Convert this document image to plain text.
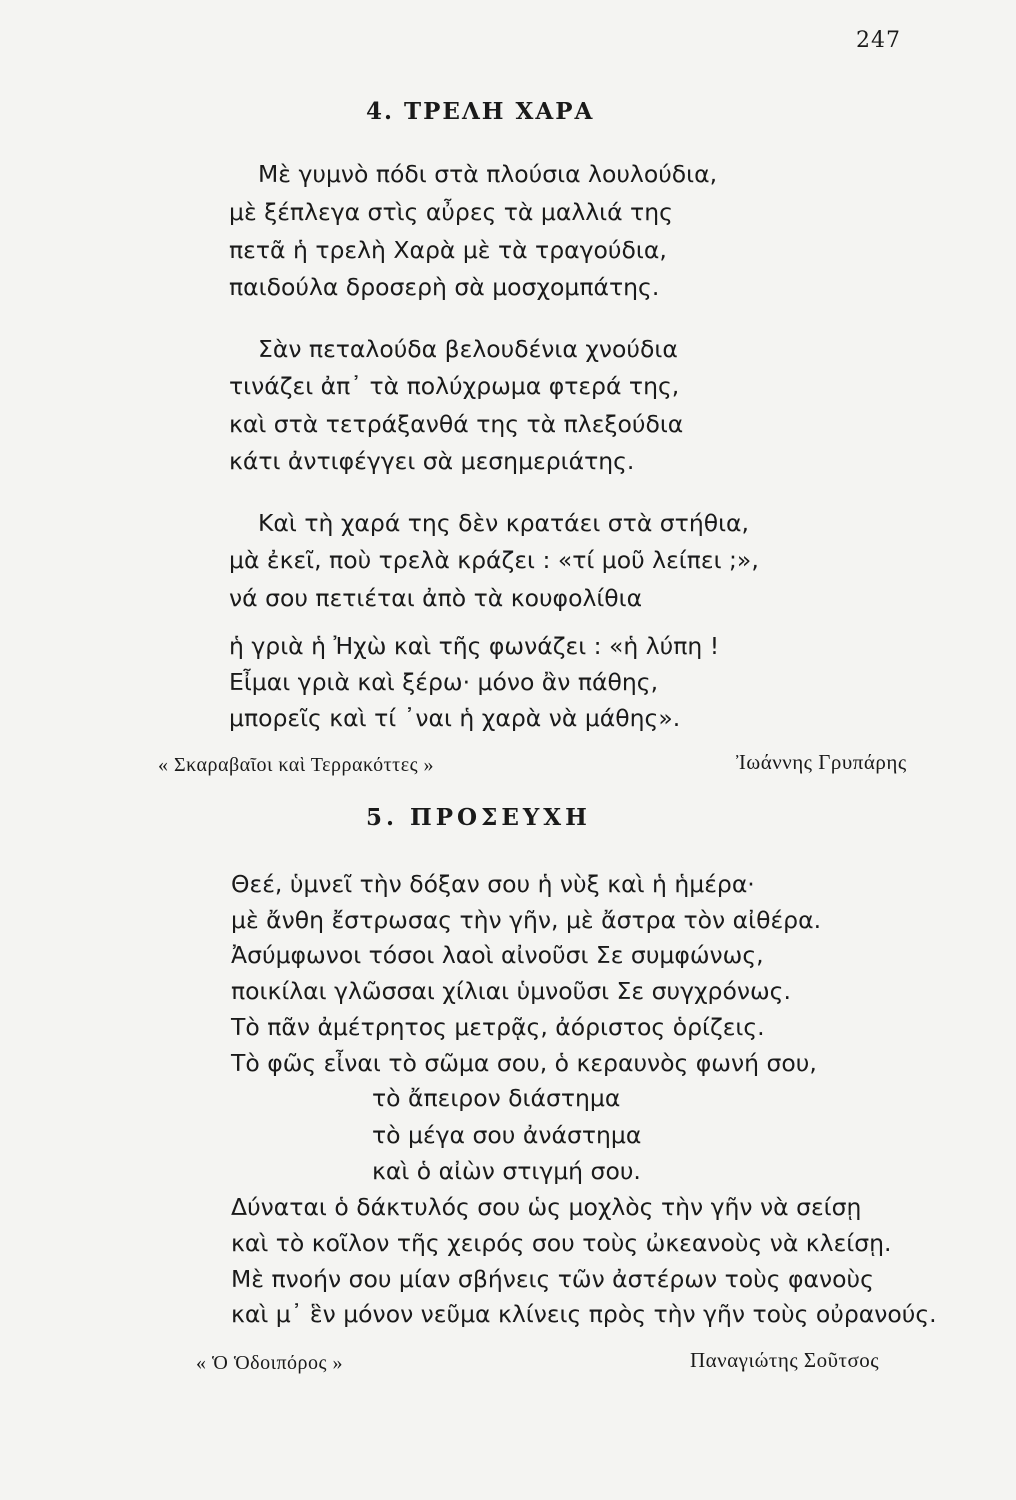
247
4. ΤΡΕΛΗ ΧΑΡΑ
Μὲ γυμνὸ πόδι στὰ πλούσια λουλούδια,
μὲ ξέπλεγα στὶς αὖρες τὰ μαλλιά της
πετᾶ ἡ τρελὴ Χαρὰ μὲ τὰ τραγούδια,
παιδούλα δροσερὴ σὰ μοσχομπάτης.
Σὰν πεταλούδα βελουδένια χνούδια
τινάζει ἀπ᾽ τὰ πολύχρωμα φτερά της,
καὶ στὰ τετράξανθά της τὰ πλεξούδια
κάτι ἀντιφέγγει σὰ μεσημεριάτης.
Καὶ τὴ χαρά της δὲν κρατάει στὰ στήθια,
μὰ ἐκεῖ, ποὺ τρελὰ κράζει : «τί μοῦ λείπει ;»,
νά σου πετιέται ἀπὸ τὰ κουφολίθια
ἡ γριὰ ἡ Ἠχὼ καὶ τῆς φωνάζει : «ἡ λύπη !
Εἶμαι γριὰ καὶ ξέρω· μόνο ἂν πάθης,
μπορεῖς καὶ τί ᾽ναι ἡ χαρὰ νὰ μάθης».
« Σκαραβαῖοι καὶ Τερρακόττες »	Ἰωάννης Γρυπάρης
5. ΠΡΟΣΕΥΧΗ
Θεέ, ὑμνεῖ τὴν δόξαν σου ἡ νὺξ καὶ ἡ ἡμέρα·
μὲ ἄνθη ἔστρωσας τὴν γῆν, μὲ ἄστρα τὸν αἰθέρα.
Ἀσύμφωνοι τόσοι λαοὶ αἰνοῦσι Σε συμφώνως,
ποικίλαι γλῶσσαι χίλιαι ὑμνοῦσι Σε συγχρόνως.
Τὸ πᾶν ἀμέτρητος μετρᾷς, ἀόριστος ὁρίζεις.
Τὸ φῶς εἶναι τὸ σῶμα σου, ὁ κεραυνὸς φωνή σου,
τὸ ἄπειρον διάστημα
τὸ μέγα σου ἀνάστημα
καὶ ὁ αἰὼν στιγμή σου.
Δύναται ὁ δάκτυλός σου ὡς μοχλὸς τὴν γῆν νὰ σείσῃ
καὶ τὸ κοῖλον τῆς χειρός σου τοὺς ὠκεανοὺς νὰ κλείσῃ.
Μὲ πνοήν σου μίαν σβήνεις τῶν ἀστέρων τοὺς φανοὺς
καὶ μ᾽ ἓν μόνον νεῦμα κλίνεις πρὸς τὴν γῆν τοὺς οὐρανούς.
« Ὁ Ὁδοιπόρος »	Παναγιώτης Σοῦτσος
